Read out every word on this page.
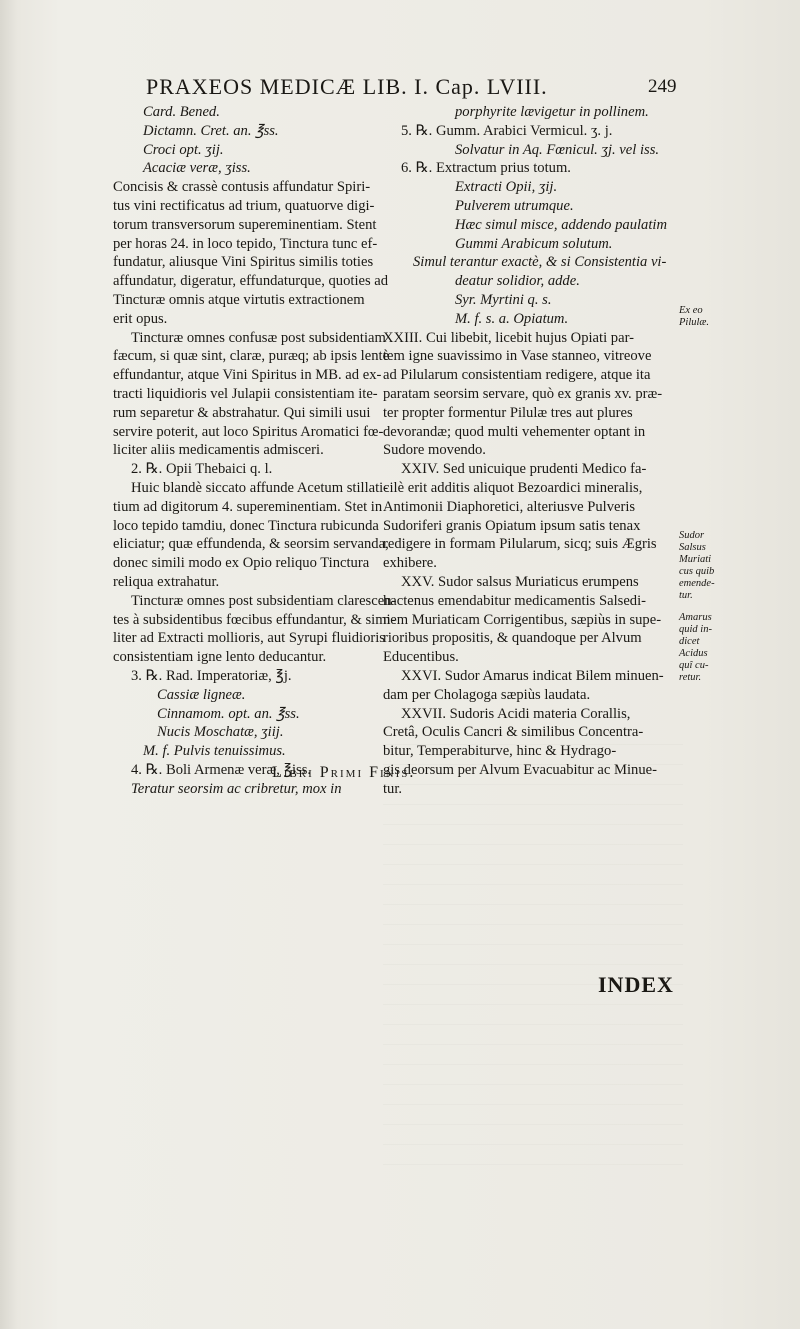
PRAXEOS MEDICÆ LIB. I. Cap. LVIII.	249
Card. Bened.
Dictamn. Cret. an. ℥ss.
Croci opt. ʒij.
Acaciæ veræ, ʒiss.
Concisis & crassè contusis affundatur Spiri-
tus vini rectificatus ad trium, quatuorve digi-
torum transversorum supereminentiam. Stent
per horas 24. in loco tepido, Tinctura tunc ef-
fundatur, aliusque Vini Spiritus similis toties
affundatur, digeratur, effundaturque, quoties ad
Tincturæ omnis atque virtutis extractionem
erit opus.
Tincturæ omnes confusæ post subsidentiam
fæcum, si quæ sint, claræ, puræq; ab ipsis lentè
effundantur, atque Vini Spiritus in MB. ad ex-
tracti liquidioris vel Julapii consistentiam ite-
rum separetur & abstrahatur. Qui simili usui
servire poterit, aut loco Spiritus Aromatici fœ-
liciter aliis medicamentis admisceri.
2. ℞. Opii Thebaici q. l.
Huic blandè siccato affunde Acetum stillati-
tium ad digitorum 4. supereminentiam. Stet in
loco tepido tamdiu, donec Tinctura rubicunda
eliciatur; quæ effundenda, & seorsim servanda,
donec simili modo ex Opio reliquo Tinctura
reliqua extrahatur.
Tincturæ omnes post subsidentiam clarescen-
tes à subsidentibus fœcibus effundantur, & simi-
liter ad Extracti mollioris, aut Syrupi fluidioris
consistentiam igne lento deducantur.
3. ℞. Rad. Imperatoriæ, ℥j.
Cassiæ ligneæ.
Cinnamom. opt. an. ℥ss.
Nucis Moschatæ, ʒiij.
M. f. Pulvis tenuissimus.
4. ℞. Boli Armenæ veræ, ℥iss.
Teratur seorsim ac cribretur, mox in
porphyrite lævigetur in pollinem.
5. ℞. Gumm. Arabici Vermicul. ʒ. j.
Solvatur in Aq. Fœnicul. ʒj. vel iss.
6. ℞. Extractum prius totum.
Extracti Opii, ʒij.
Pulverem utrumque.
Hæc simul misce, addendo paulatim
Gummi Arabicum solutum.
Simul terantur exactè, & si Consistentia vi-
deatur solidior, adde.
Syr. Myrtini q. s.
M. f. s. a. Opiatum.
XXIII. Cui libebit, licebit hujus Opiati par-
tem igne suavissimo in Vase stanneo, vitreove
ad Pilularum consistentiam redigere, atque ita
paratam seorsim servare, quò ex granis xv. præ-
ter propter formentur Pilulæ tres aut plures
devorandæ; quod multi vehementer optant in
Sudore movendo.
XXIV. Sed unicuique prudenti Medico fa-
cilè erit additis aliquot Bezoardici mineralis,
Antimonii Diaphoretici, alteriusve Pulveris
Sudoriferi granis Opiatum ipsum satis tenax
redigere in formam Pilularum, sicq; suis Ægris
exhibere.
XXV. Sudor salsus Muriaticus erumpens
hactenus emendabitur medicamentis Salsedi-
nem Muriaticam Corrigentibus, sæpiùs in supe-
rioribus propositis, & quandoque per Alvum
Educentibus.
XXVI. Sudor Amarus indicat Bilem minuen-
dam per Cholagoga sæpiùs laudata.
XXVII. Sudoris Acidi materia Corallis,
Cretâ, Oculis Cancri & similibus Concentra-
bitur, Temperabiturve, hinc & Hydrago-
gis deorsum per Alvum Evacuabitur ac Minue-
tur.
Ex eo
Pilulæ.
Sudor
Salsus
Muriati
cus quib
emende-
tur.
Amarus
quid in-
dicet
Acidus
quî cu-
retur.
Libri Primi Finis.
INDEX
